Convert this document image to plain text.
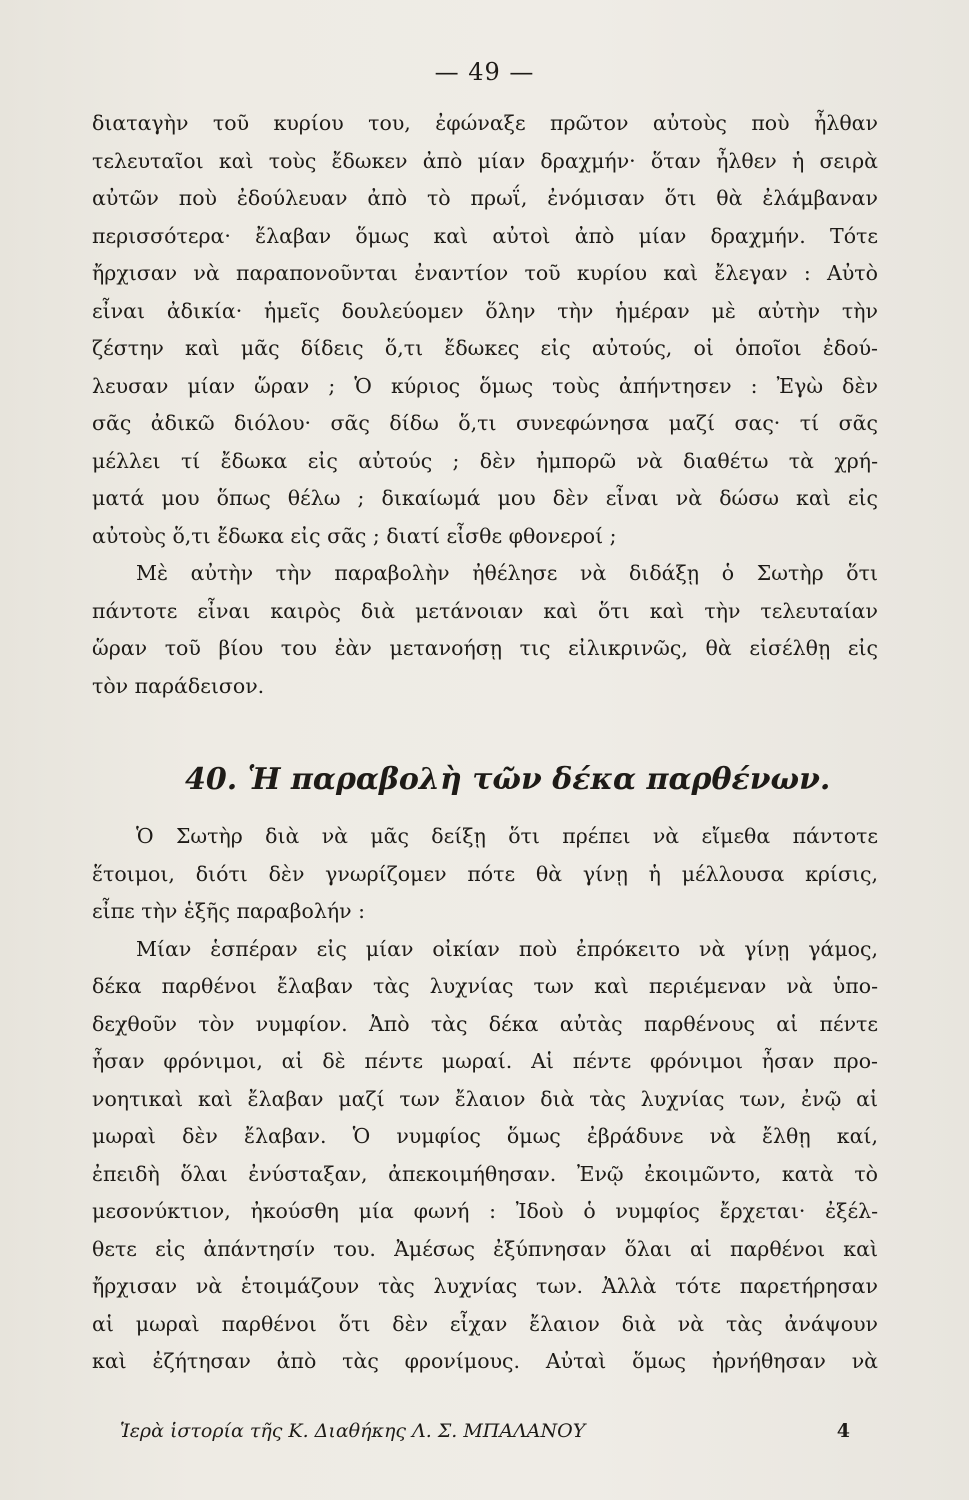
— 49 —
διαταγὴν τοῦ κυρίου του, ἐφώναξε πρῶτον αὐτοὺς ποὺ ἦλθαν
τελευταῖοι καὶ τοὺς ἔδωκεν ἀπὸ μίαν δραχμήν· ὅταν ἦλθεν ἡ σειρὰ
αὐτῶν ποὺ ἐδούλευαν ἀπὸ τὸ πρωΐ, ἐνόμισαν ὅτι θὰ ἐλάμβαναν
περισσότερα· ἔλαβαν ὅμως καὶ αὐτοὶ ἀπὸ μίαν δραχμήν. Τότε
ἤρχισαν νὰ παραπονοῦνται ἐναντίον τοῦ κυρίου καὶ ἔλεγαν : Αὐτὸ
εἶναι ἀδικία· ἡμεῖς δουλεύομεν ὅλην τὴν ἡμέραν μὲ αὐτὴν τὴν
ζέστην καὶ μᾶς δίδεις ὅ,τι ἔδωκες εἰς αὐτούς, οἱ ὁποῖοι ἐδού-
λευσαν μίαν ὥραν ; Ὁ κύριος ὅμως τοὺς ἀπήντησεν : Ἐγὼ δὲν
σᾶς ἀδικῶ διόλου· σᾶς δίδω ὅ,τι συνεφώνησα μαζί σας· τί σᾶς
μέλλει τί ἔδωκα εἰς αὐτούς ; δὲν ἠμπορῶ νὰ διαθέτω τὰ χρή-
ματά μου ὅπως θέλω ; δικαίωμά μου δὲν εἶναι νὰ δώσω καὶ εἰς
αὐτοὺς ὅ,τι ἔδωκα εἰς σᾶς ; διατί εἶσθε φθονεροί ;
Μὲ αὐτὴν τὴν παραβολὴν ἠθέλησε νὰ διδάξῃ ὁ Σωτὴρ ὅτι
πάντοτε εἶναι καιρὸς διὰ μετάνοιαν καὶ ὅτι καὶ τὴν τελευταίαν
ὥραν τοῦ βίου του ἐὰν μετανοήσῃ τις εἰλικρινῶς, θὰ εἰσέλθῃ εἰς
τὸν παράδεισον.
40. Ἡ παραβολὴ τῶν δέκα παρθένων.
Ὁ Σωτὴρ διὰ νὰ μᾶς δείξῃ ὅτι πρέπει νὰ εἴμεθα πάντοτε
ἕτοιμοι, διότι δὲν γνωρίζομεν πότε θὰ γίνῃ ἡ μέλλουσα κρίσις,
εἶπε τὴν ἑξῆς παραβολήν :
Μίαν ἑσπέραν εἰς μίαν οἰκίαν ποὺ ἐπρόκειτο νὰ γίνῃ γάμος,
δέκα παρθένοι ἔλαβαν τὰς λυχνίας των καὶ περιέμεναν νὰ ὑπο-
δεχθοῦν τὸν νυμφίον. Ἀπὸ τὰς δέκα αὐτὰς παρθένους αἱ πέντε
ἦσαν φρόνιμοι, αἱ δὲ πέντε μωραί. Αἱ πέντε φρόνιμοι ἦσαν προ-
νοητικαὶ καὶ ἔλαβαν μαζί των ἔλαιον διὰ τὰς λυχνίας των, ἐνῷ αἱ
μωραὶ δὲν ἔλαβαν. Ὁ νυμφίος ὅμως ἐβράδυνε νὰ ἔλθῃ καί,
ἐπειδὴ ὅλαι ἐνύσταξαν, ἀπεκοιμήθησαν. Ἐνῷ ἐκοιμῶντο, κατὰ τὸ
μεσονύκτιον, ἠκούσθη μία φωνή : Ἰδοὺ ὁ νυμφίος ἔρχεται· ἐξέλ-
θετε εἰς ἀπάντησίν του. Ἀμέσως ἐξύπνησαν ὅλαι αἱ παρθένοι καὶ
ἤρχισαν νὰ ἑτοιμάζουν τὰς λυχνίας των. Ἀλλὰ τότε παρετήρησαν
αἱ μωραὶ παρθένοι ὅτι δὲν εἶχαν ἔλαιον διὰ νὰ τὰς ἀνάψουν
καὶ ἐζήτησαν ἀπὸ τὰς φρονίμους. Αὐταὶ ὅμως ἠρνήθησαν νὰ
Ἱερὰ ἱστορία τῆς Κ. Διαθήκης Λ. Σ. ΜΠΑΛΑΝΟΥ	4
